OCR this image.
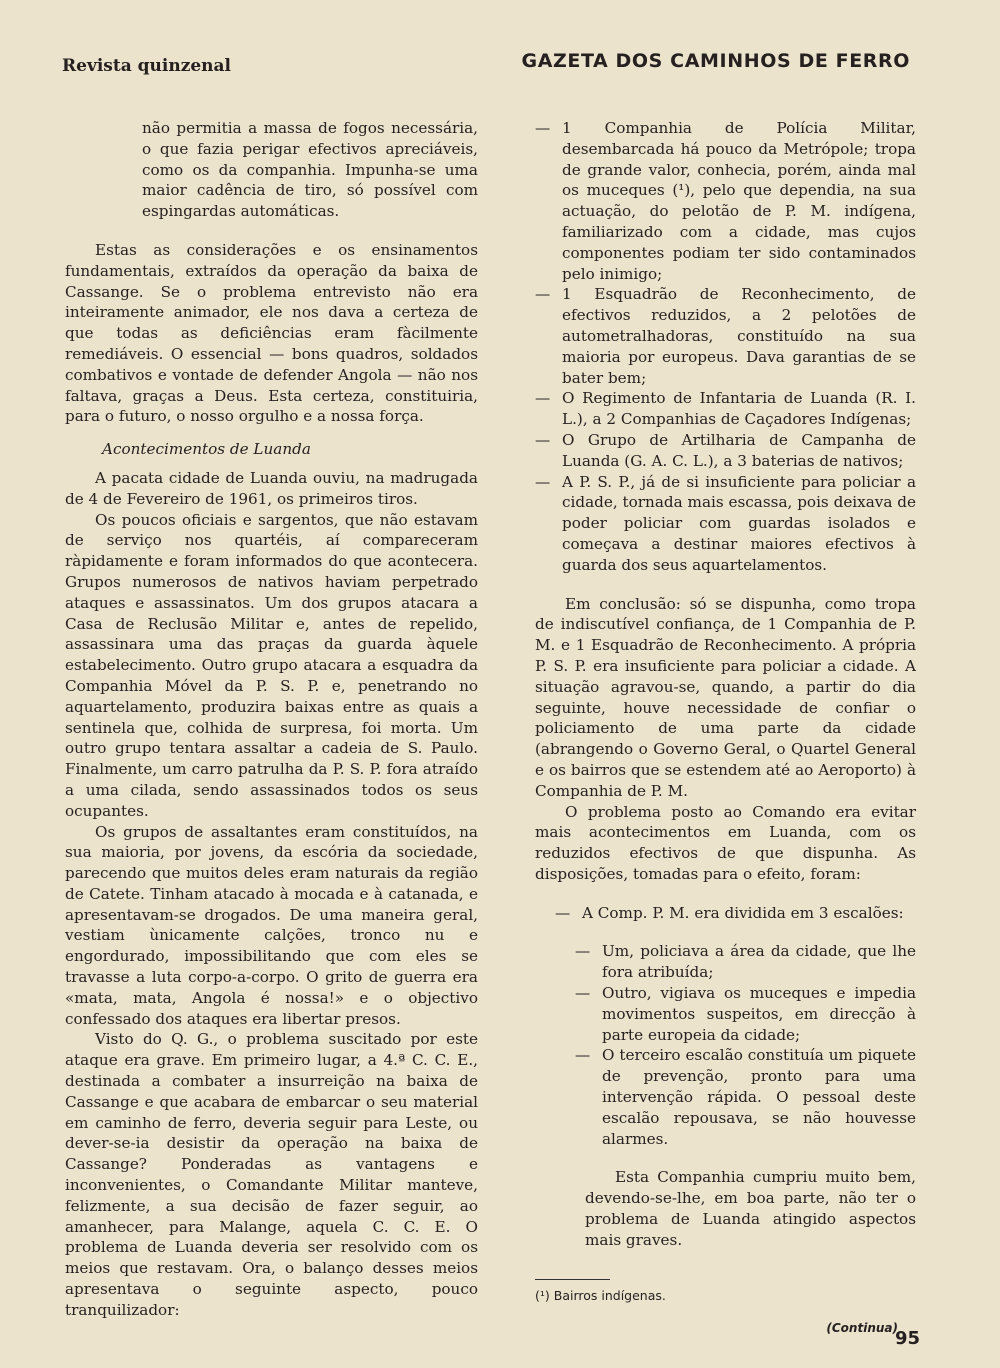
Revista quinzenal	GAZETA DOS CAMINHOS DE FERRO

não permitia a massa de fogos necessária, o que fazia perigar efectivos apreciáveis, como os da companhia. Impunha-se uma maior cadência de tiro, só possível com espingardas automáticas.

Estas as considerações e os ensinamentos fundamentais, extraídos da operação da baixa de Cassange. Se o problema entrevisto não era inteiramente animador, ele nos dava a certeza de que todas as deficiências eram fàcilmente remediáveis. O essencial — bons quadros, soldados combativos e vontade de defender Angola — não nos faltava, graças a Deus. Esta certeza, constituiria, para o futuro, o nosso orgulho e a nossa força.

Acontecimentos de Luanda

A pacata cidade de Luanda ouviu, na madrugada de 4 de Fevereiro de 1961, os primeiros tiros.

Os poucos oficiais e sargentos, que não estavam de serviço nos quartéis, aí compareceram ràpidamente e foram informados do que acontecera. Grupos numerosos de nativos haviam perpetrado ataques e assassinatos. Um dos grupos atacara a Casa de Reclusão Militar e, antes de repelido, assassinara uma das praças da guarda àquele estabelecimento. Outro grupo atacara a esquadra da Companhia Móvel da P. S. P. e, penetrando no aquartelamento, produzira baixas entre as quais a sentinela que, colhida de surpresa, foi morta. Um outro grupo tentara assaltar a cadeia de S. Paulo. Finalmente, um carro patrulha da P. S. P. fora atraído a uma cilada, sendo assassinados todos os seus ocupantes.

Os grupos de assaltantes eram constituídos, na sua maioria, por jovens, da escória da sociedade, parecendo que muitos deles eram naturais da região de Catete. Tinham atacado à mocada e à catanada, e apresentavam-se drogados. De uma maneira geral, vestiam ùnicamente calções, tronco nu e engordurado, impossibilitando que com eles se travasse a luta corpo-a-corpo. O grito de guerra era «mata, mata, Angola é nossa!» e o objectivo confessado dos ataques era libertar presos.

Visto do Q. G., o problema suscitado por este ataque era grave. Em primeiro lugar, a 4.ª C. C. E., destinada a combater a insurreição na baixa de Cassange e que acabara de embarcar o seu material em caminho de ferro, deveria seguir para Leste, ou dever-se-ia desistir da operação na baixa de Cassange? Ponderadas as vantagens e inconvenientes, o Comandante Militar manteve, felizmente, a sua decisão de fazer seguir, ao amanhecer, para Malange, aquela C. C. E. O problema de Luanda deveria ser resolvido com os meios que restavam. Ora, o balanço desses meios apresentava o seguinte aspecto, pouco tranquilizador:

— 1 Companhia de Polícia Militar, desembarcada há pouco da Metrópole; tropa de grande valor, conhecia, porém, ainda mal os muceques (¹), pelo que dependia, na sua actuação, do pelotão de P. M. indígena, familiarizado com a cidade, mas cujos componentes podiam ter sido contaminados pelo inimigo;
— 1 Esquadrão de Reconhecimento, de efectivos reduzidos, a 2 pelotões de autometralhadoras, constituído na sua maioria por europeus. Dava garantias de se bater bem;
— O Regimento de Infantaria de Luanda (R. I. L.), a 2 Companhias de Caçadores Indígenas;
— O Grupo de Artilharia de Campanha de Luanda (G. A. C. L.), a 3 baterias de nativos;
— A P. S. P., já de si insuficiente para policiar a cidade, tornada mais escassa, pois deixava de poder policiar com guardas isolados e começava a destinar maiores efectivos à guarda dos seus aquartelamentos.

Em conclusão: só se dispunha, como tropa de indiscutível confiança, de 1 Companhia de P. M. e 1 Esquadrão de Reconhecimento. A própria P. S. P. era insuficiente para policiar a cidade. A situação agravou-se, quando, a partir do dia seguinte, houve necessidade de confiar o policiamento de uma parte da cidade (abrangendo o Governo Geral, o Quartel General e os bairros que se estendem até ao Aeroporto) à Companhia de P. M.

O problema posto ao Comando era evitar mais acontecimentos em Luanda, com os reduzidos efectivos de que dispunha. As disposições, tomadas para o efeito, foram:

— A Comp. P. M. era dividida em 3 escalões:
— Um, policiava a área da cidade, que lhe fora atribuída;
— Outro, vigiava os muceques e impedia movimentos suspeitos, em direcção à parte europeia da cidade;
— O terceiro escalão constituía um piquete de prevenção, pronto para uma intervenção rápida. O pessoal deste escalão repousava, se não houvesse alarmes.

Esta Companhia cumpriu muito bem, devendo-se-lhe, em boa parte, não ter o problema de Luanda atingido aspectos mais graves.

(¹) Bairros indígenas.

(Continua)

95
